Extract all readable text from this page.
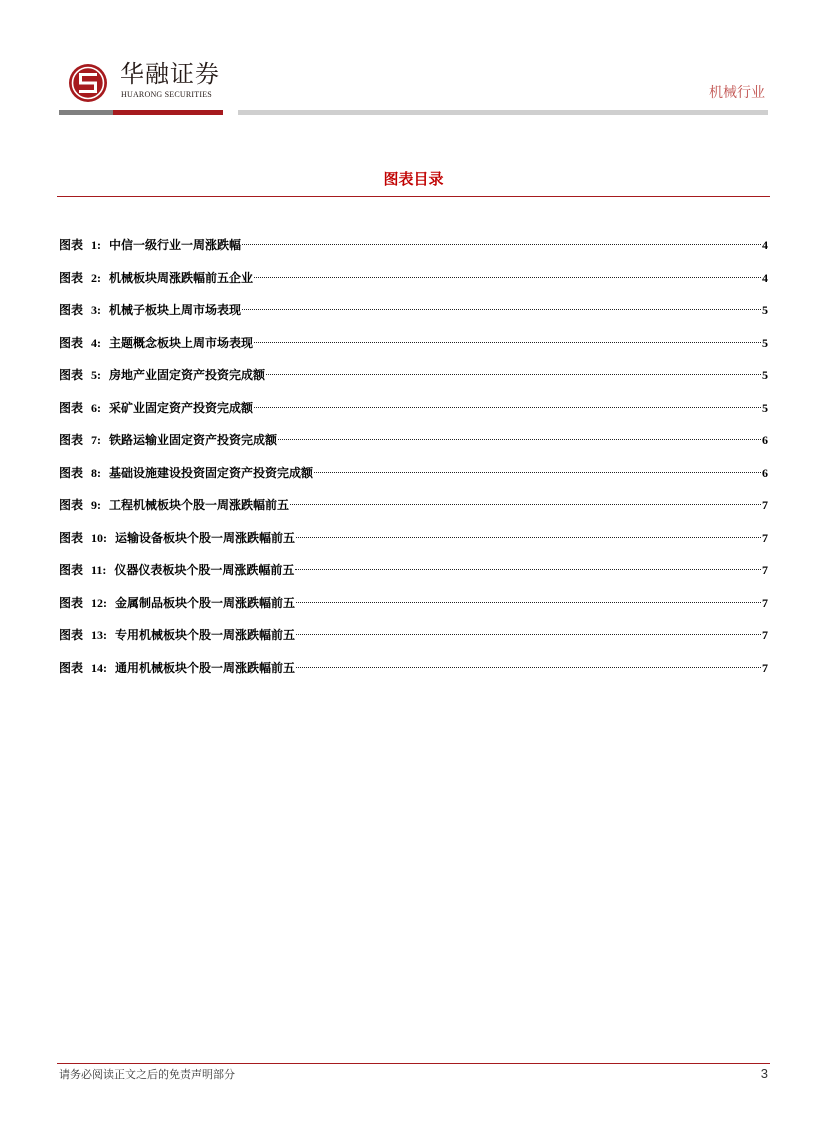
华融证券
HUARONG SECURITIES	机械行业
图表目录
图表 1: 中信一级行业一周涨跌幅	4
图表 2: 机械板块周涨跌幅前五企业	4
图表 3: 机械子板块上周市场表现	5
图表 4: 主题概念板块上周市场表现	5
图表 5: 房地产业固定资产投资完成额	5
图表 6: 采矿业固定资产投资完成额	5
图表 7: 铁路运输业固定资产投资完成额	6
图表 8: 基础设施建设投资固定资产投资完成额	6
图表 9: 工程机械板块个股一周涨跌幅前五	7
图表 10: 运输设备板块个股一周涨跌幅前五	7
图表 11: 仪器仪表板块个股一周涨跌幅前五	7
图表 12: 金属制品板块个股一周涨跌幅前五	7
图表 13: 专用机械板块个股一周涨跌幅前五	7
图表 14: 通用机械板块个股一周涨跌幅前五	7
请务必阅读正文之后的免责声明部分	3
